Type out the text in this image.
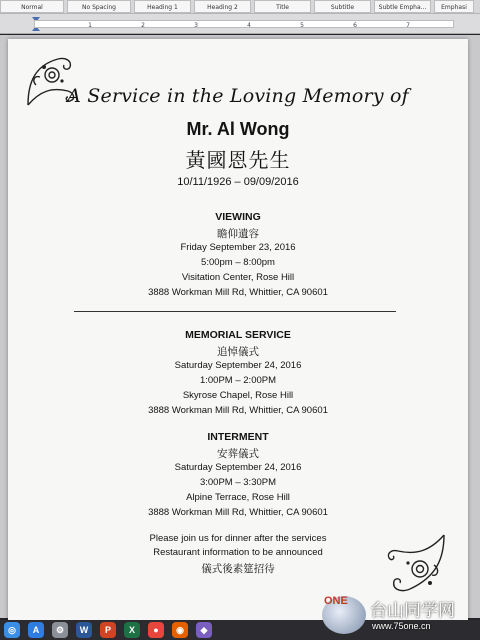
Normal	No Spacing	Heading 1	Heading 2	Title	Subtitle	Subtle Empha...	Emphasi
1	2	3	4	5	6	7
A Service in the Loving Memory of
Mr. Al Wong
黃國恩先生
10/11/1926 – 09/09/2016
VIEWING
瞻仰遺容
Friday September 23, 2016
5:00pm – 8:00pm
Visitation Center, Rose Hill
3888 Workman Mill Rd, Whittier, CA 90601
MEMORIAL SERVICE
追悼儀式
Saturday September 24, 2016
1:00PM – 2:00PM
Skyrose Chapel, Rose Hill
3888 Workman Mill Rd, Whittier, CA 90601
INTERMENT
安葬儀式
Saturday September 24, 2016
3:00PM – 3:30PM
Alpine Terrace, Rose Hill
3888 Workman Mill Rd, Whittier, CA 90601
Please join us for dinner after the services
Restaurant information to be announced
儀式後素筵招待
◎	A	⚙	W	P	X	●	◉	◆
ONE 台山同学网
www.75one.cn
